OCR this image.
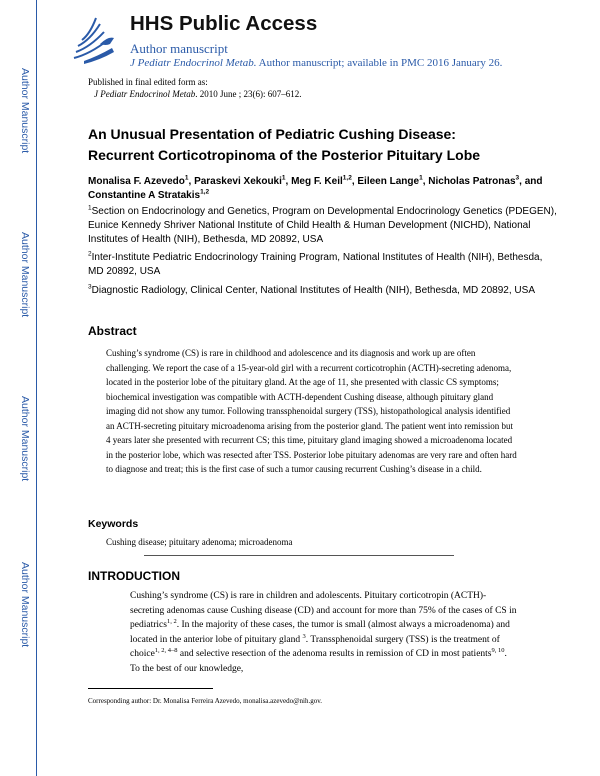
Author Manuscript
Author Manuscript
Author Manuscript
Author Manuscript
HHS Public Access
Author manuscript
J Pediatr Endocrinol Metab. Author manuscript; available in PMC 2016 January 26.
Published in final edited form as:
J Pediatr Endocrinol Metab. 2010 June ; 23(6): 607–612.
An Unusual Presentation of Pediatric Cushing Disease:
Recurrent Corticotropinoma of the Posterior Pituitary Lobe
Monalisa F. Azevedo$^1$, Paraskevi Xekouki$^1$, Meg F. Keil$^{1,2}$, Eileen Lange$^1$, Nicholas Patronas$^3$, and Constantine A Stratakis$^{1,2}$
$^1$Section on Endocrinology and Genetics, Program on Developmental Endocrinology Genetics (PDEGEN), Eunice Kennedy Shriver National Institute of Child Health & Human Development (NICHD), National Institutes of Health (NIH), Bethesda, MD 20892, USA
$^2$Inter-Institute Pediatric Endocrinology Training Program, National Institutes of Health (NIH), Bethesda, MD 20892, USA
$^3$Diagnostic Radiology, Clinical Center, National Institutes of Health (NIH), Bethesda, MD 20892, USA
Abstract
Cushing’s syndrome (CS) is rare in childhood and adolescence and its diagnosis and work up are often challenging. We report the case of a 15-year-old girl with a recurrent corticotrophin (ACTH)-secreting adenoma, located in the posterior lobe of the pituitary gland. At the age of 11, she presented with classic CS symptoms; biochemical investigation was compatible with ACTH-dependent Cushing disease, although pituitary gland imaging did not show any tumor. Following transsphenoidal surgery (TSS), histopathological analysis identified an ACTH-secreting pituitary microadenoma arising from the posterior gland. The patient went into remission but 4 years later she presented with recurrent CS; this time, pituitary gland imaging showed a microadenoma located in the posterior lobe, which was resected after TSS. Posterior lobe pituitary adenomas are very rare and often hard to diagnose and treat; this is the first case of such a tumor causing recurrent Cushing’s disease in a child.
Keywords
Cushing disease; pituitary adenoma; microadenoma
INTRODUCTION
Cushing’s syndrome (CS) is rare in children and adolescents. Pituitary corticotropin (ACTH)-secreting adenomas cause Cushing disease (CD) and account for more than 75% of the cases of CS in pediatrics$^{1, 2}$. In the majority of these cases, the tumor is small (almost always a microadenoma) and located in the anterior lobe of pituitary gland $^3$. Transsphenoidal surgery (TSS) is the treatment of choice$^{1, 2, 4-8}$ and selective resection of the adenoma results in remission of CD in most patients$^{9, 10}$. To the best of our knowledge,
Corresponding author: Dr. Monalisa Ferreira Azevedo, monalisa.azevedo@nih.gov.
